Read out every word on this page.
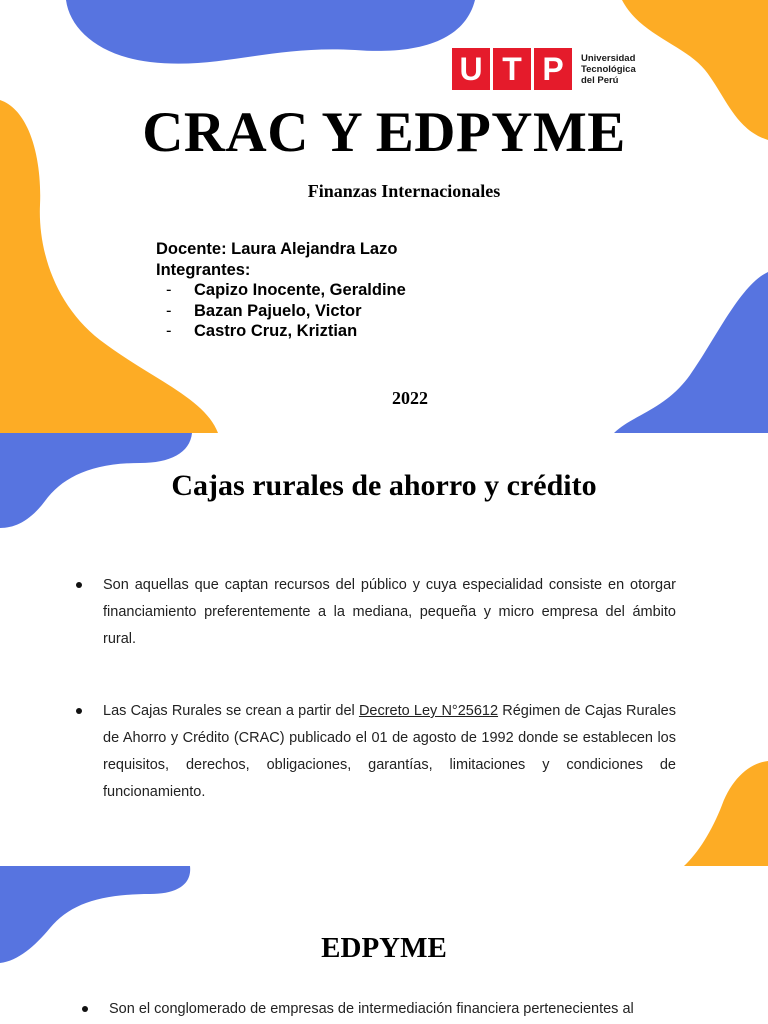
U T P	Universidad
Tecnológica
del Perú
CRAC Y EDPYME
Finanzas Internacionales
Docente: Laura Alejandra Lazo
Integrantes:
-	Capizo Inocente, Geraldine
-	Bazan Pajuelo, Victor
-	Castro Cruz, Kriztian
2022
Cajas rurales de ahorro y crédito
Son aquellas que captan recursos del público y cuya especialidad consiste en otorgar financiamiento preferentemente a la mediana, pequeña y micro empresa del ámbito rural.
Las Cajas Rurales se crean a partir del Decreto Ley N°25612 Régimen de Cajas Rurales de Ahorro y Crédito (CRAC) publicado el 01 de agosto de 1992 donde se establecen los requisitos, derechos, obligaciones, garantías, limitaciones y condiciones de funcionamiento.
EDPYME
Son el conglomerado de empresas de intermediación financiera pertenecientes al
